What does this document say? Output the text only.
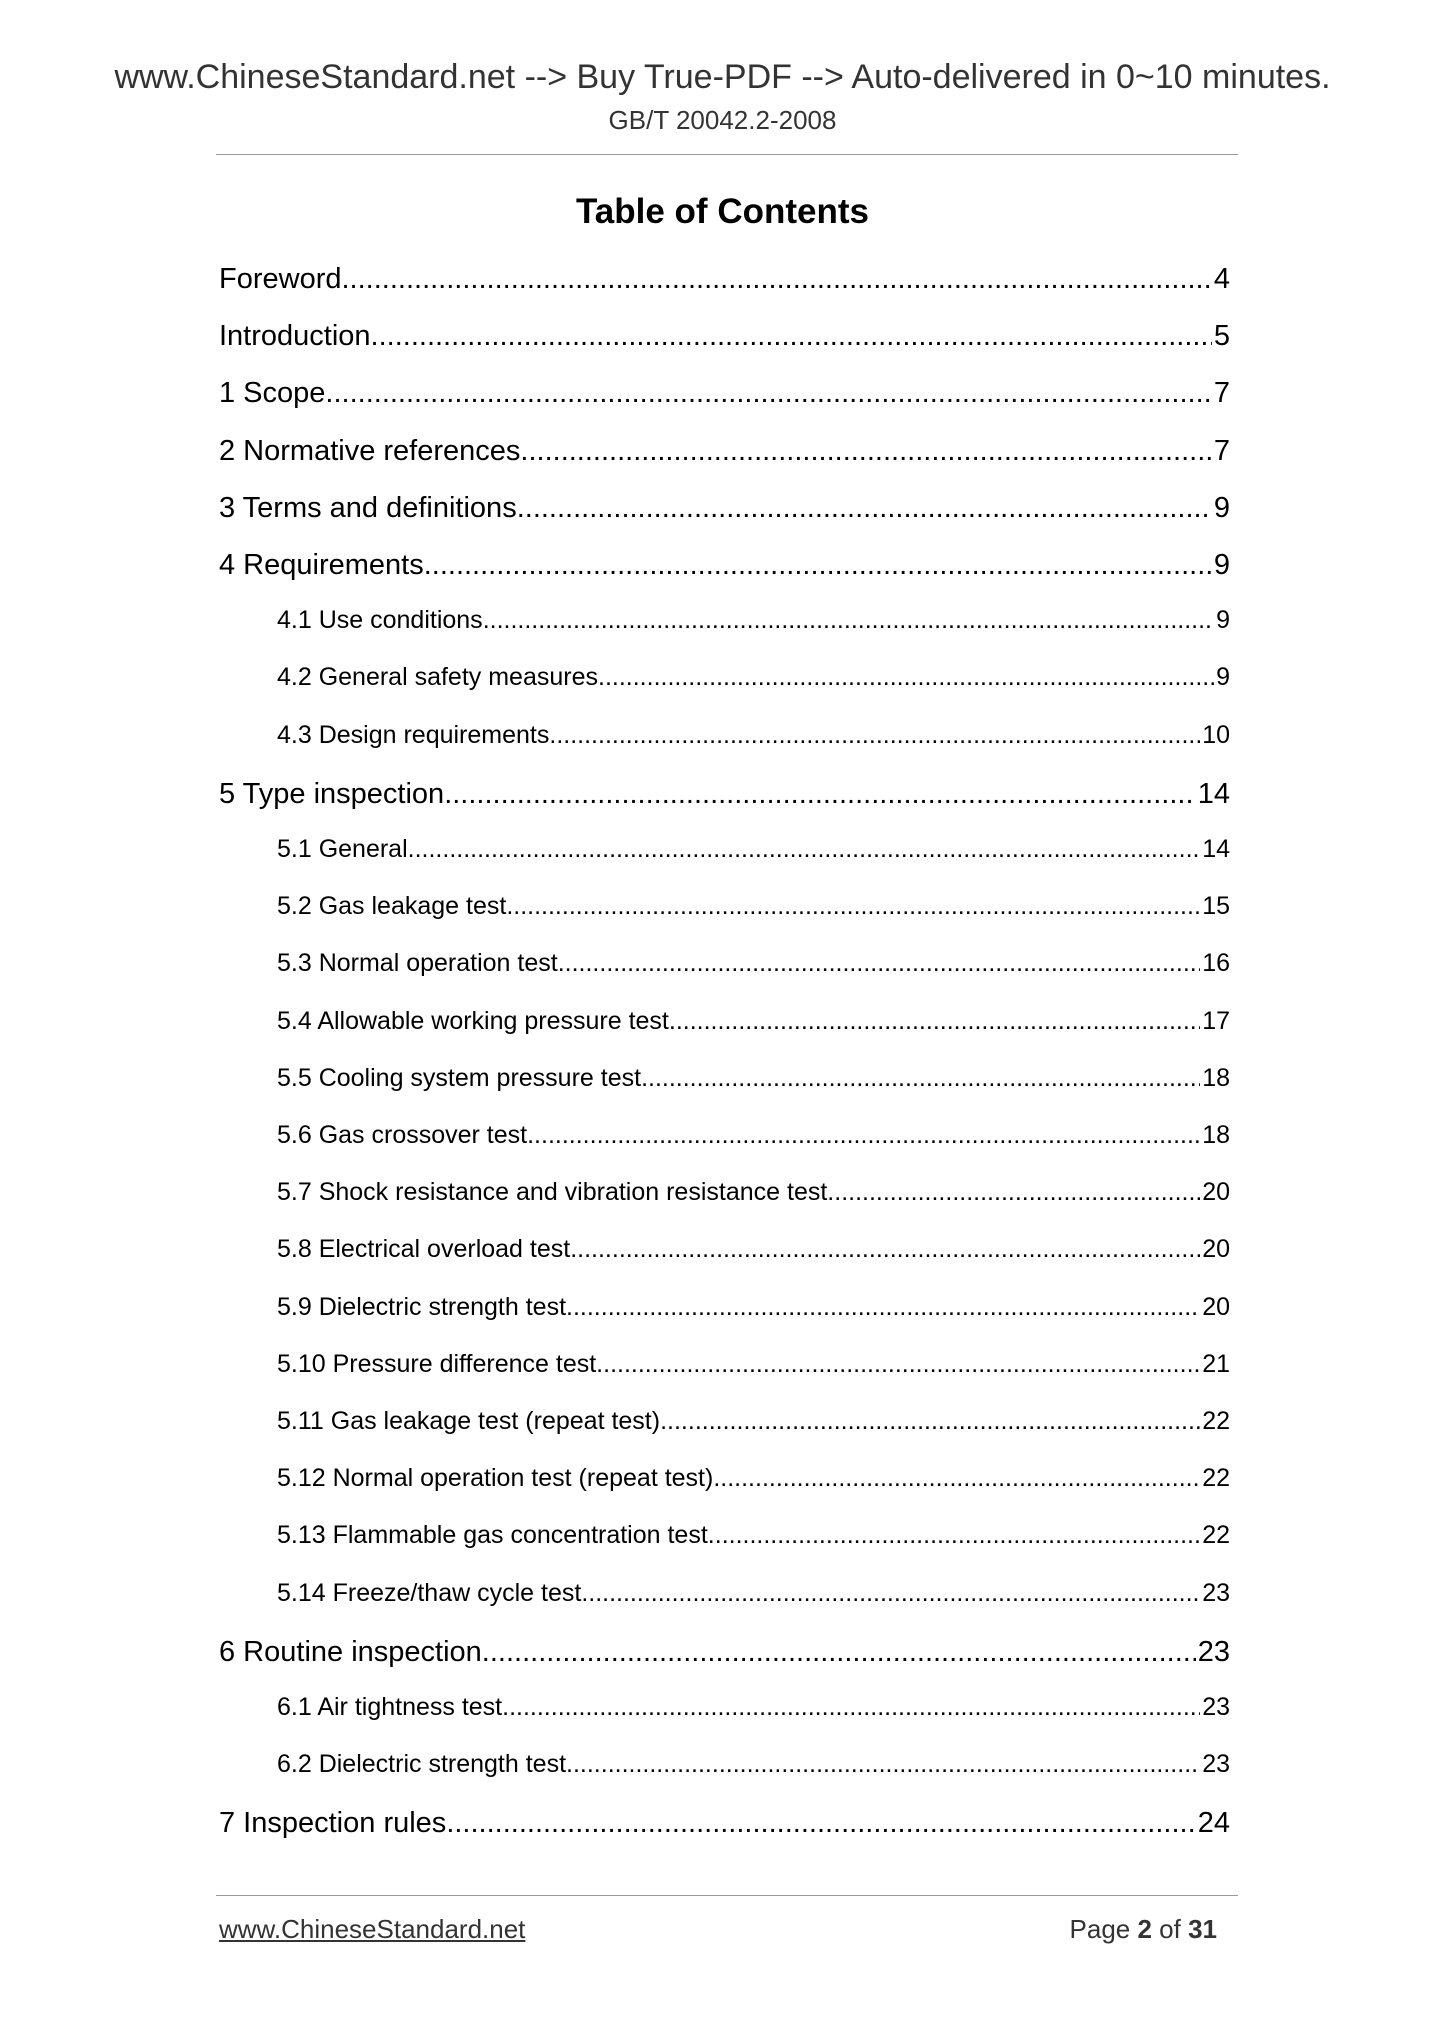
www.ChineseStandard.net --> Buy True-PDF --> Auto-delivered in 0~10 minutes.
GB/T 20042.2-2008
Table of Contents
Foreword .....	4
Introduction .....	5
1 Scope .....	7
2 Normative references .....	7
3 Terms and definitions .....	9
4 Requirements .....	9
4.1 Use conditions .....	9
4.2 General safety measures .....	9
4.3 Design requirements .....	10
5 Type inspection .....	14
5.1 General .....	14
5.2 Gas leakage test .....	15
5.3 Normal operation test .....	16
5.4 Allowable working pressure test .....	17
5.5 Cooling system pressure test .....	18
5.6 Gas crossover test .....	18
5.7 Shock resistance and vibration resistance test .....	20
5.8 Electrical overload test .....	20
5.9 Dielectric strength test .....	20
5.10 Pressure difference test .....	21
5.11 Gas leakage test (repeat test) .....	22
5.12 Normal operation test (repeat test) .....	22
5.13 Flammable gas concentration test .....	22
5.14 Freeze/thaw cycle test .....	23
6 Routine inspection .....	23
6.1 Air tightness test .....	23
6.2 Dielectric strength test .....	23
7 Inspection rules .....	24
www.ChineseStandard.net	Page 2 of 31
